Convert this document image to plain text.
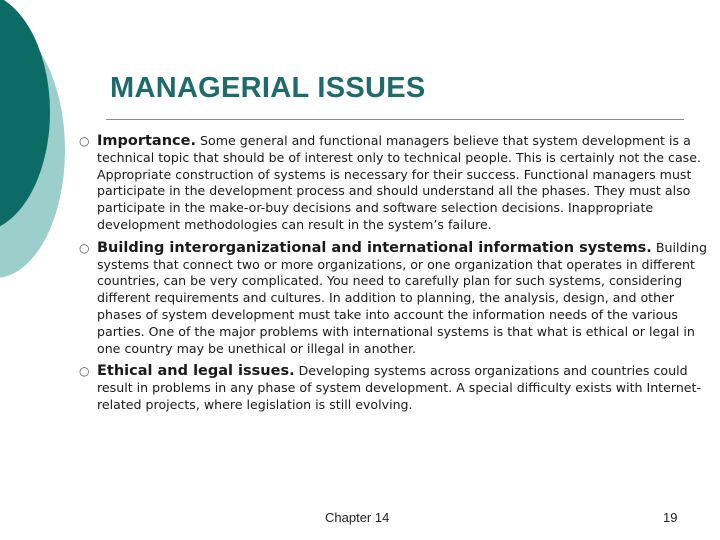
MANAGERIAL ISSUES
○ Importance. Some general and functional managers believe that system development is a technical topic that should be of interest only to technical people. This is certainly not the case. Appropriate construction of systems is necessary for their success. Functional managers must participate in the development process and should understand all the phases. They must also participate in the make-or-buy decisions and software selection decisions. Inappropriate development methodologies can result in the system’s failure.
○ Building interorganizational and international information systems. Building systems that connect two or more organizations, or one organization that operates in different countries, can be very complicated. You need to carefully plan for such systems, considering different requirements and cultures. In addition to planning, the analysis, design, and other phases of system development must take into account the information needs of the various parties. One of the major problems with international systems is that what is ethical or legal in one country may be unethical or illegal in another.
○ Ethical and legal issues. Developing systems across organizations and countries could result in problems in any phase of system development. A special difficulty exists with Internet-related projects, where legislation is still evolving.
Chapter 14	19
